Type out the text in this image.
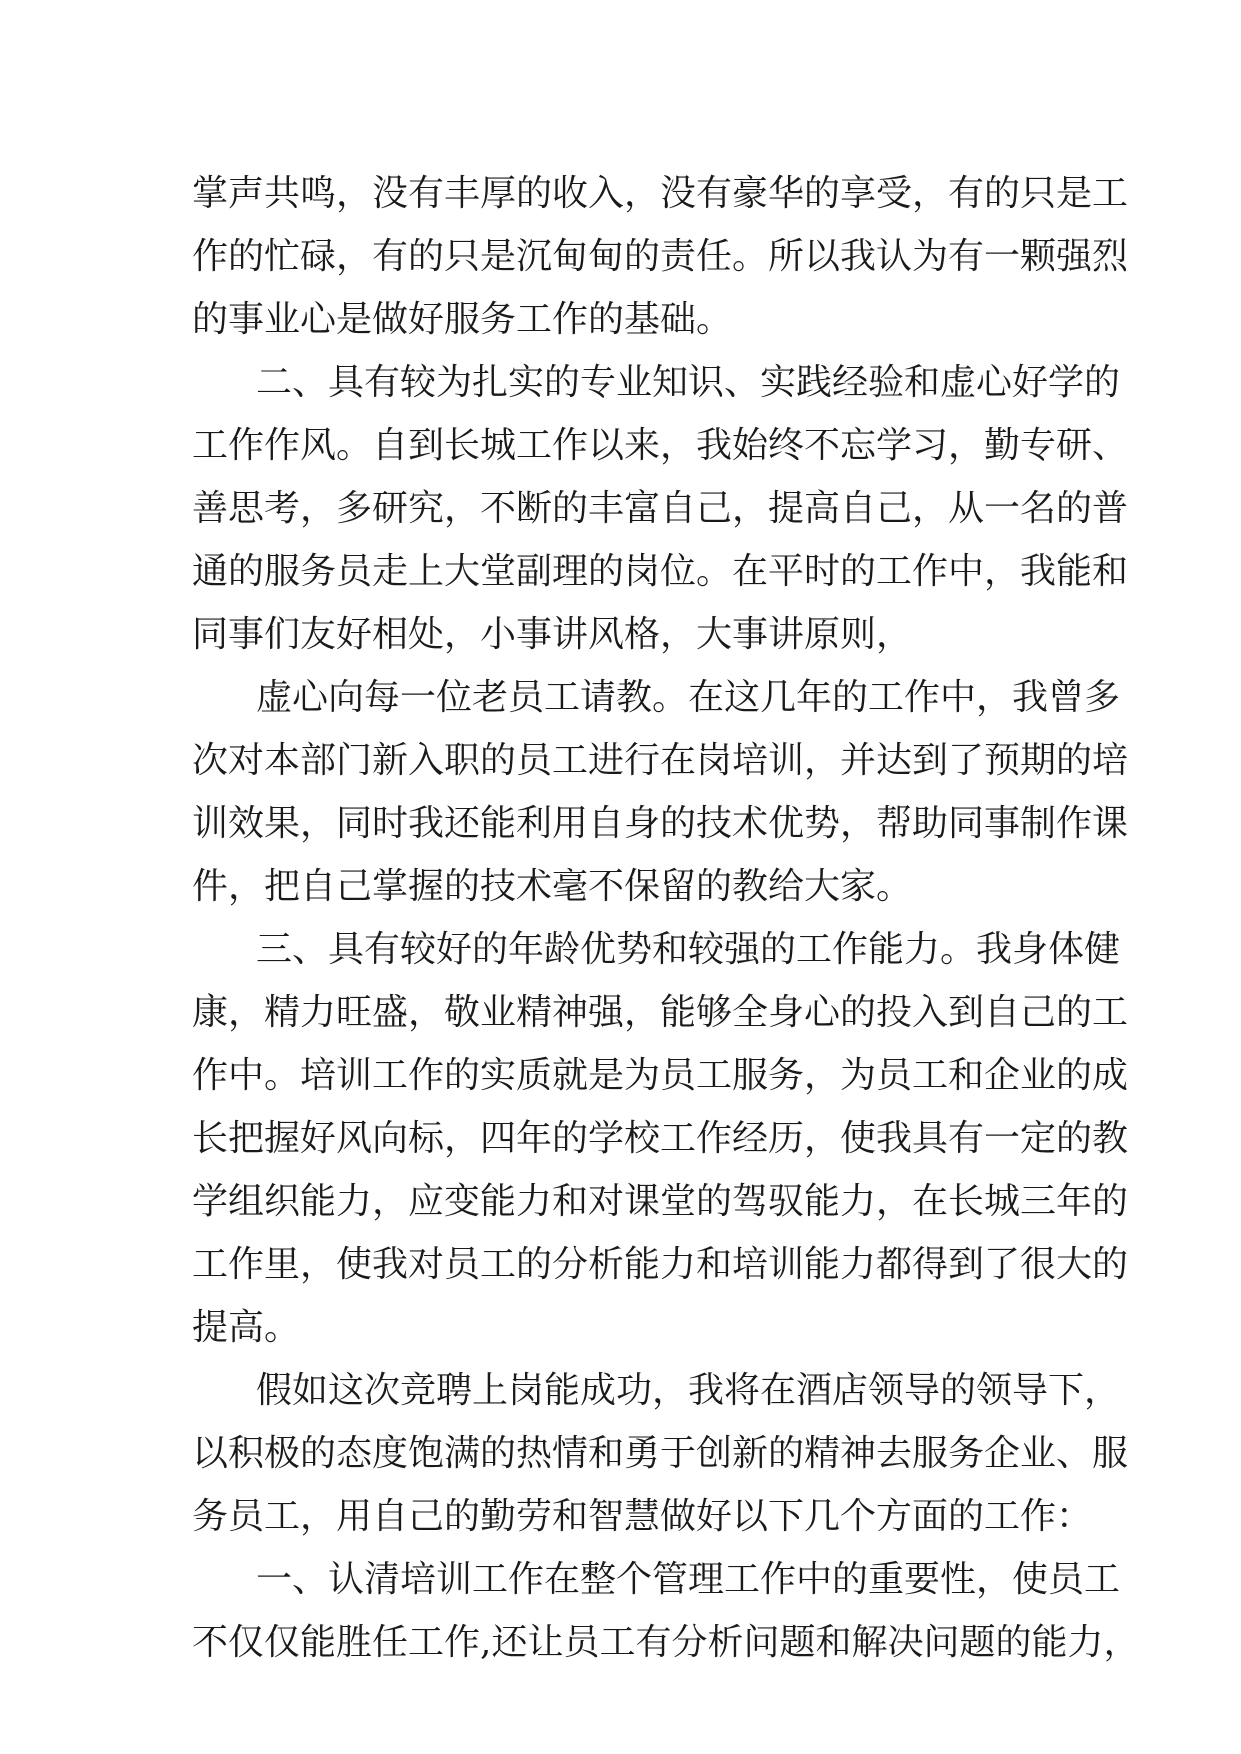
掌声共鸣，没有丰厚的收入，没有豪华的享受，有的只是工
作的忙碌，有的只是沉甸甸的责任。所以我认为有一颗强烈
的事业心是做好服务工作的基础。
二、具有较为扎实的专业知识、实践经验和虚心好学的
工作作风。自到长城工作以来，我始终不忘学习，勤专研、
善思考，多研究，不断的丰富自己，提高自己，从一名的普
通的服务员走上大堂副理的岗位。在平时的工作中，我能和
同事们友好相处，小事讲风格，大事讲原则，
虚心向每一位老员工请教。在这几年的工作中，我曾多
次对本部门新入职的员工进行在岗培训，并达到了预期的培
训效果，同时我还能利用自身的技术优势，帮助同事制作课
件，把自己掌握的技术毫不保留的教给大家。
三、具有较好的年龄优势和较强的工作能力。我身体健
康，精力旺盛，敬业精神强，能够全身心的投入到自己的工
作中。培训工作的实质就是为员工服务，为员工和企业的成
长把握好风向标，四年的学校工作经历，使我具有一定的教
学组织能力，应变能力和对课堂的驾驭能力，在长城三年的
工作里，使我对员工的分析能力和培训能力都得到了很大的
提高。
假如这次竞聘上岗能成功，我将在酒店领导的领导下，
以积极的态度饱满的热情和勇于创新的精神去服务企业、服
务员工，用自己的勤劳和智慧做好以下几个方面的工作：
一、认清培训工作在整个管理工作中的重要性，使员工
不仅仅能胜任工作,还让员工有分析问题和解决问题的能力，
